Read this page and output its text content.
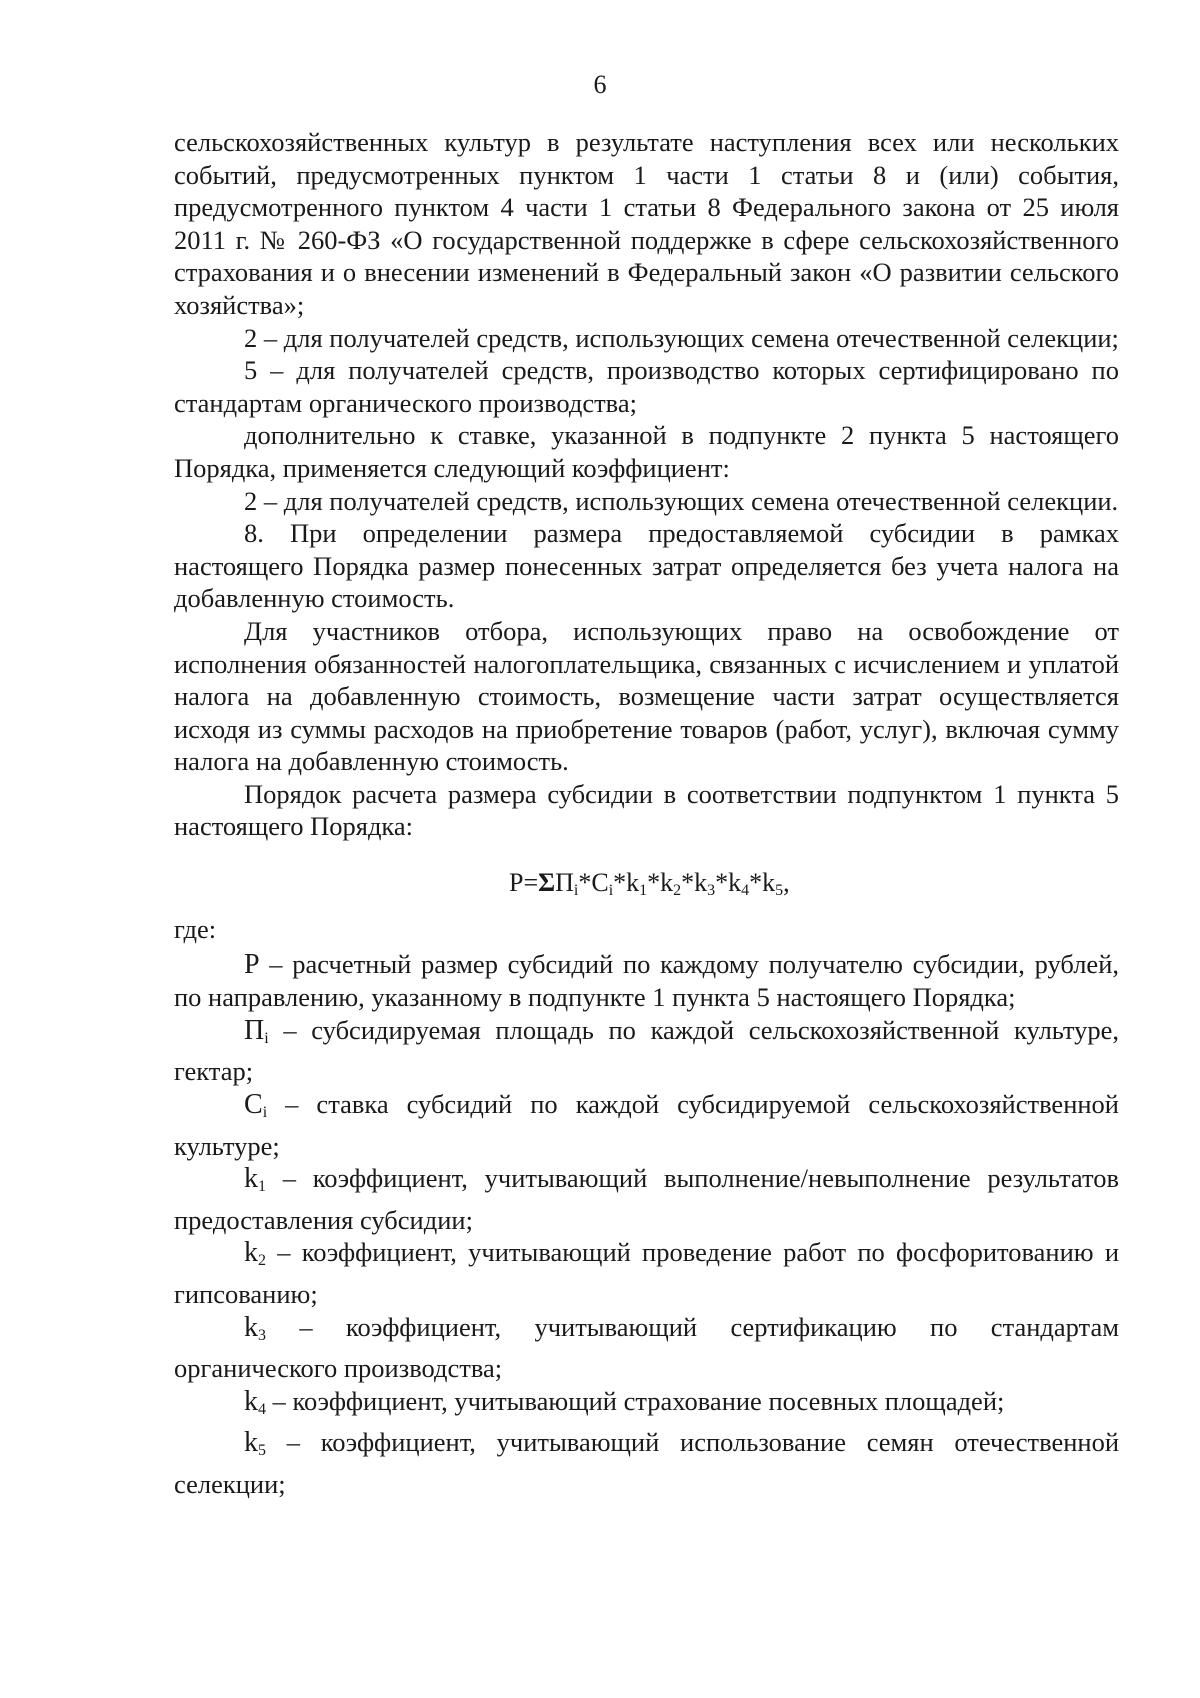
6

сельскохозяйственных культур в результате наступления всех или нескольких событий, предусмотренных пунктом 1 части 1 статьи 8 и (или) события, предусмотренного пунктом 4 части 1 статьи 8 Федерального закона от 25 июля 2011 г. № 260-ФЗ «О государственной поддержке в сфере сельскохозяйственного страхования и о внесении изменений в Федеральный закон «О развитии сельского хозяйства»;

2 – для получателей средств, использующих семена отечественной селекции;

5 – для получателей средств, производство которых сертифицировано по стандартам органического производства;

дополнительно к ставке, указанной в подпункте 2 пункта 5 настоящего Порядка, применяется следующий коэффициент:

2 – для получателей средств, использующих семена отечественной селекции.

8. При определении размера предоставляемой субсидии в рамках настоящего Порядка размер понесенных затрат определяется без учета налога на добавленную стоимость.

Для участников отбора, использующих право на освобождение от исполнения обязанностей налогоплательщика, связанных с исчислением и уплатой налога на добавленную стоимость, возмещение части затрат осуществляется исходя из суммы расходов на приобретение товаров (работ, услуг), включая сумму налога на добавленную стоимость.

Порядок расчета размера субсидии в соответствии подпунктом 1 пункта 5 настоящего Порядка:

$P=\Sigma П_i*C_i*k_1*k_2*k_3*k_4*k_5$,

где:

Р – расчетный размер субсидий по каждому получателю субсидии, рублей, по направлению, указанному в подпункте 1 пункта 5 настоящего Порядка;

$П_i$ – субсидируемая площадь по каждой сельскохозяйственной культуре, гектар;

$С_i$ – ставка субсидий по каждой субсидируемой сельскохозяйственной культуре;

$k_1$ – коэффициент, учитывающий выполнение/невыполнение результатов предоставления субсидии;

$k_2$ – коэффициент, учитывающий проведение работ по фосфоритованию и гипсованию;

$k_3$ – коэффициент, учитывающий сертификацию по стандартам органического производства;

$k_4$ – коэффициент, учитывающий страхование посевных площадей;

$k_5$ – коэффициент, учитывающий использование семян отечественной селекции;
